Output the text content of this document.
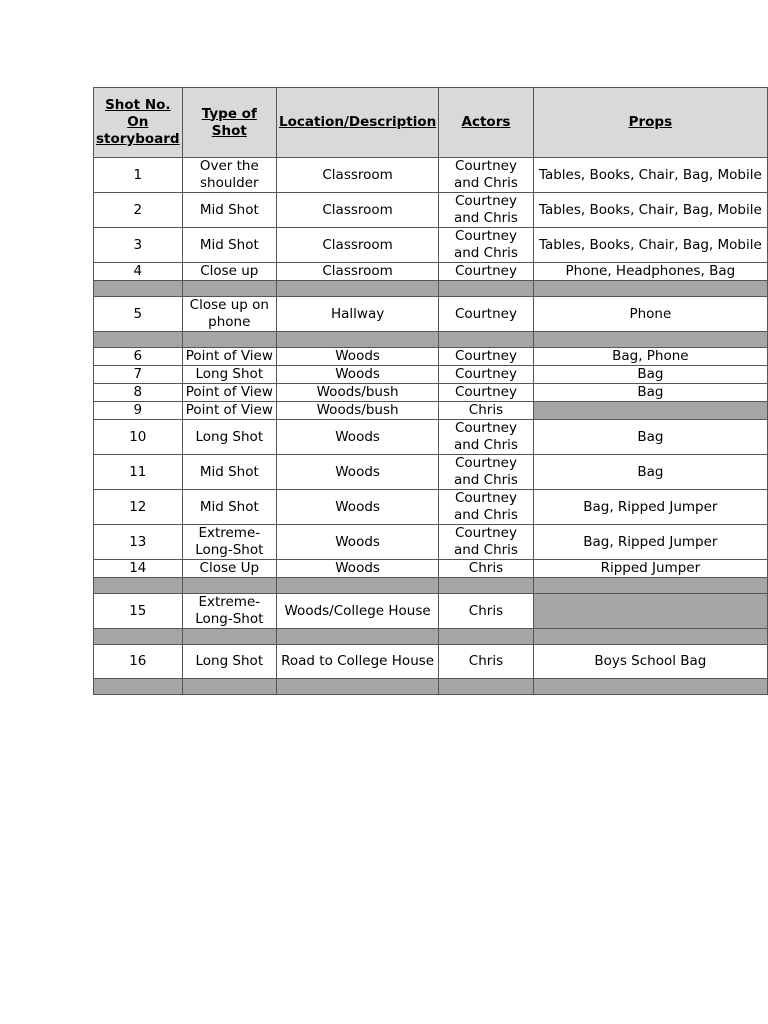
Shot No. On storyboard	Type of Shot	Location/Description	Actors	Props
1	Over the shoulder	Classroom	Courtney and Chris	Tables, Books, Chair, Bag, Mobile
2	Mid Shot	Classroom	Courtney and Chris	Tables, Books, Chair, Bag, Mobile
3	Mid Shot	Classroom	Courtney and Chris	Tables, Books, Chair, Bag, Mobile
4	Close up	Classroom	Courtney	Phone, Headphones, Bag

5	Close up on phone	Hallway	Courtney	Phone

6	Point of View	Woods	Courtney	Bag, Phone
7	Long Shot	Woods	Courtney	Bag
8	Point of View	Woods/bush	Courtney	Bag
9	Point of View	Woods/bush	Chris	
10	Long Shot	Woods	Courtney and Chris	Bag
11	Mid Shot	Woods	Courtney and Chris	Bag
12	Mid Shot	Woods	Courtney and Chris	Bag, Ripped Jumper
13	Extreme-Long-Shot	Woods	Courtney and Chris	Bag, Ripped Jumper
14	Close Up	Woods	Chris	Ripped Jumper

15	Extreme-Long-Shot	Woods/College House	Chris	

16	Long Shot	Road to College House	Chris	Boys School Bag
